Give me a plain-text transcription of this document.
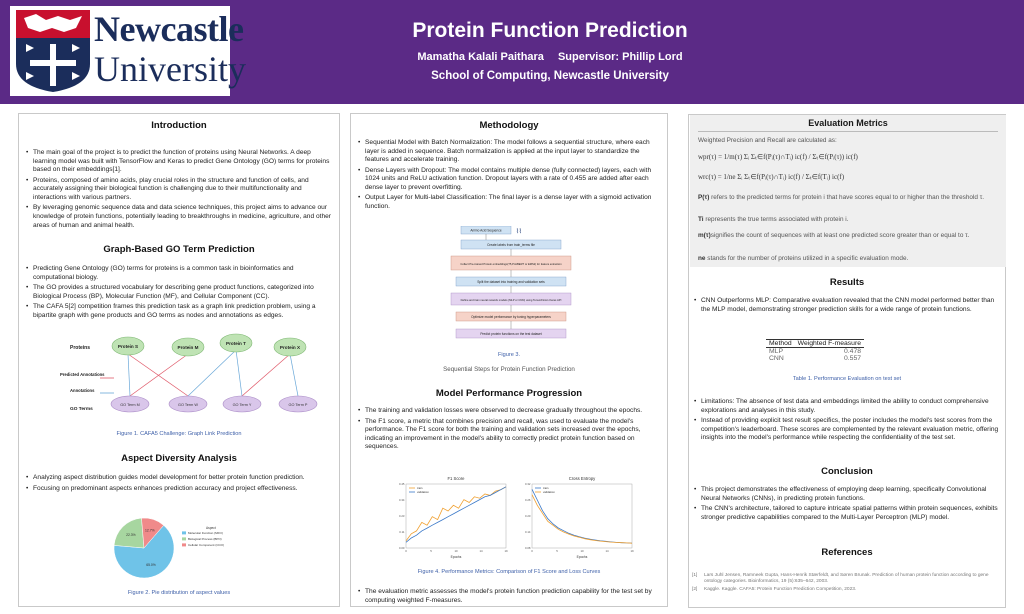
Newcastle
University
Protein Function Prediction
Mamatha Kalali Paithara Supervisor: Phillip Lord
School of Computing, Newcastle University
Introduction
• The main goal of the project is to predict the function of proteins using Neural Networks. A deep learning model was built with TensorFlow and Keras to predict Gene Ontology (GO) terms for proteins based on their embeddings[1].
• Proteins, composed of amino acids, play crucial roles in the structure and function of cells, and accurately assigning their biological function is challenging due to their multifunctionality and interactions with various partners.
• By leveraging genomic sequence data and data science techniques, this project aims to advance our knowledge of protein functions, potentially leading to breakthroughs in medicine, agriculture, and other areas of human and animal health.
Graph-Based GO Term Prediction
• Predicting Gene Ontology (GO) terms for proteins is a common task in bioinformatics and computational biology.
• The GO provides a structured vocabulary for describing gene product functions, categorized into Biological Process (BP), Molecular Function (MF), and Cellular Component (CC).
• The CAFA 5[2] competition frames this prediction task as a graph link prediction problem, using a bipartite graph with gene products and GO terms as nodes and annotations as edges.
Proteins
Predicted Annotations
Annotations
GO Terms
Protein S	Protein M
Protein T
Protein X
GO Term M	GO Term W	GO Term Y	GO Term P
Figure 1. CAFA5 Challenge: Graph Link Prediction
Aspect Diversity Analysis
• Analyzing aspect distribution guides model development for better protein function prediction.
• Focusing on predominant aspects enhances prediction accuracy and project effectiveness.
65.0%
22.3%
12.7%
Aspect
Molecular Function (MFO)
Biological Process (BPO)
Cellular Component (CCO)
Figure 2. Pie distribution of aspect values
Methodology
• Sequential Model with Batch Normalization: The model follows a sequential structure, where each layer is added in sequence. Batch normalization is applied at the input layer to standardize the features and accelerate training.
• Dense Layers with Dropout: The model contains multiple dense (fully connected) layers, each with 1024 units and ReLU activation function. Dropout layers with a rate of 0.455 are added after each dense layer to prevent overfitting.
• Output Layer for Multi-label Classification: The final layer is a dense layer with a sigmoid activation function.
Amino Acid Sequence ⌇⌇
Create labels from train_terms file
Collect Pre-trained Protein embeddings(T5,ProtBERT or EMS2) for feature extraction
Split the dataset into training and validation sets
Define and train neural network models (MLP or CNN) using TensorFlow's Keras API
Optimize model performance by tuning hyperparameters
Predict protein functions on the test dataset
Figure 3.
Sequential Steps for Protein Function Prediction
Model Performance Progression
• The training and validation losses were observed to decrease gradually throughout the epochs.
• The F1 score, a metric that combines precision and recall, was used to evaluate the model's performance. The F1 score for both the training and validation sets increased over the epochs, indicating an improvement in the model's ability to correctly predict protein function based on sequences.
F1 Score
0.00
0.11
0.23
0.34
0.45
0	5	10	14	19
Epochs
train
validation
Cross Entropy
0.08
0.14
0.20
0.26
0.32
0	5	10	14	19
Epochs
train
validation
Figure 4. Performance Metrics: Comparison of F1 Score and Loss Curves
• The evaluation metric assesses the model's protein function prediction capability for the test set by computing weighted F-measures.
Evaluation Metrics
Weighted Precision and Recall are calculated as:
wpr(τ) = 1/m(τ) Σᵢ Σₜ∈f(Pᵢ(τ)∩Tᵢ) ic(f) / Σₜ∈f(Pᵢ(τ)) ic(f)
wrc(τ) = 1/ne Σᵢ Σₜ∈f(Pᵢ(τ)∩Tᵢ) ic(f) / Σₜ∈f(Tᵢ) ic(f)
P(τ) refers to the predicted terms for protein i that have scores equal to or higher than the threshold τ.
Ti represents the true terms associated with protein i.
m(τ)signifies the count of sequences with at least one predicted score greater than or equal to τ.
ne stands for the number of proteins utilized in a specific evaluation mode.
Results
• CNN Outperforms MLP: Comparative evaluation revealed that the CNN model performed better than the MLP model, demonstrating stronger prediction skills for a wide range of protein functions.
Method	Weighted F-measure
MLP	0.478
CNN	0.557
Table 1. Performance Evaluation on test set
• Limitations: The absence of test data and embeddings limited the ability to conduct comprehensive explorations and analyses in this study.
• Instead of providing explicit test result specifics, the poster includes the model's test scores from the competition's leaderboard. These scores are complemented by the relevant evaluation metric, offering insights into the model's performance while respecting the confidentiality of the test set.
Conclusion
• This project demonstrates the effectiveness of employing deep learning, specifically Convolutional Neural Networks (CNNs), in predicting protein functions.
• The CNN's architecture, tailored to capture intricate spatial patterns within protein sequences, exhibits stronger predictive capabilities compared to the Multi-Layer Perceptron (MLP) model.
References
[1] Lars Juhl Jensen, Ramneek Gupta, Hans-Henrik Stærfeldt, and Søren Brunak. Prediction of human protein function according to gene ontology categories. Bioinformatics, 19 (5):635–642, 2003.
[2] Kaggle. Kaggle. CAFA5: Protein Function Prediction Competition, 2023.
